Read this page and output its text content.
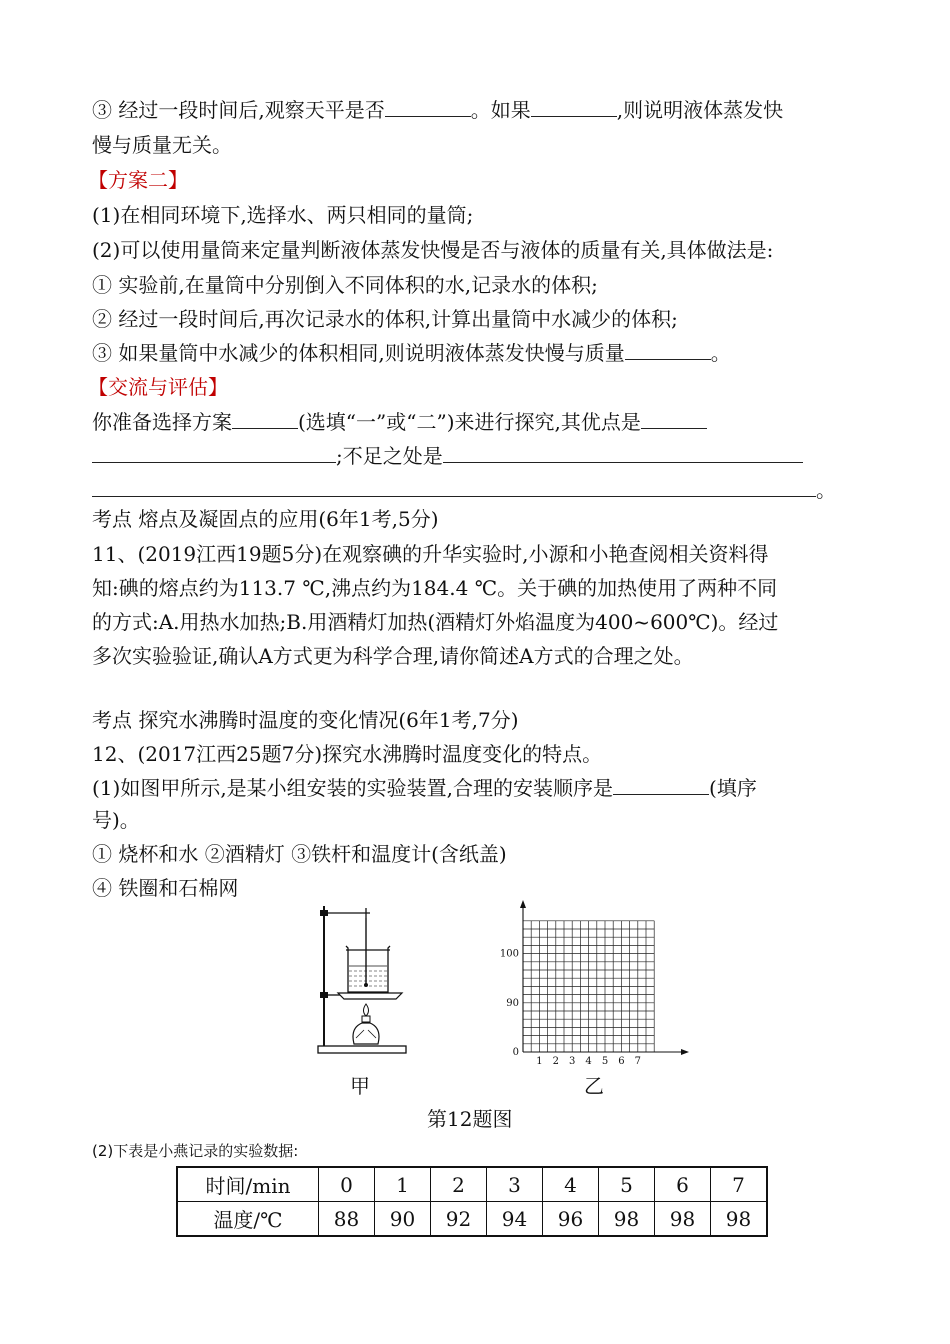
③ 经过一段时间后,观察天平是否	。如果	,则说明液体蒸发快
慢与质量无关。
【方案二】
(1)在相同环境下,选择水、两只相同的量筒;
(2)可以使用量筒来定量判断液体蒸发快慢是否与液体的质量有关,具体做法是:
① 实验前,在量筒中分别倒入不同体积的水,记录水的体积;
② 经过一段时间后,再次记录水的体积,计算出量筒中水减少的体积;
③ 如果量筒中水减少的体积相同,则说明液体蒸发快慢与质量	。
【交流与评估】
你准备选择方案	(选填“一”或“二”)来进行探究,其优点是
;不足之处是
。
考点 熔点及凝固点的应用(6年1考,5分)
11、(2019江西19题5分)在观察碘的升华实验时,小源和小艳查阅相关资料得
知:碘的熔点约为113.7 ℃,沸点约为184.4 ℃。关于碘的加热使用了两种不同
的方式:A.用热水加热;B.用酒精灯加热(酒精灯外焰温度为400~600℃)。经过
多次实验验证,确认A方式更为科学合理,请你简述A方式的合理之处。
考点 探究水沸腾时温度的变化情况(6年1考,7分)
12、(2017江西25题7分)探究水沸腾时温度变化的特点。
(1)如图甲所示,是某小组安装的实验装置,合理的安装顺序是	(填序
号)。
① 烧杯和水 ②酒精灯 ③铁杆和温度计(含纸盖)
④ 铁圈和石棉网
1 2 3 4 5 6 7
0
90
100
甲	乙
第12题图
(2)下表是小燕记录的实验数据:
时间/min	0	1	2	3	4	5	6	7
温度/℃	88	90	92	94	96	98	98	98
